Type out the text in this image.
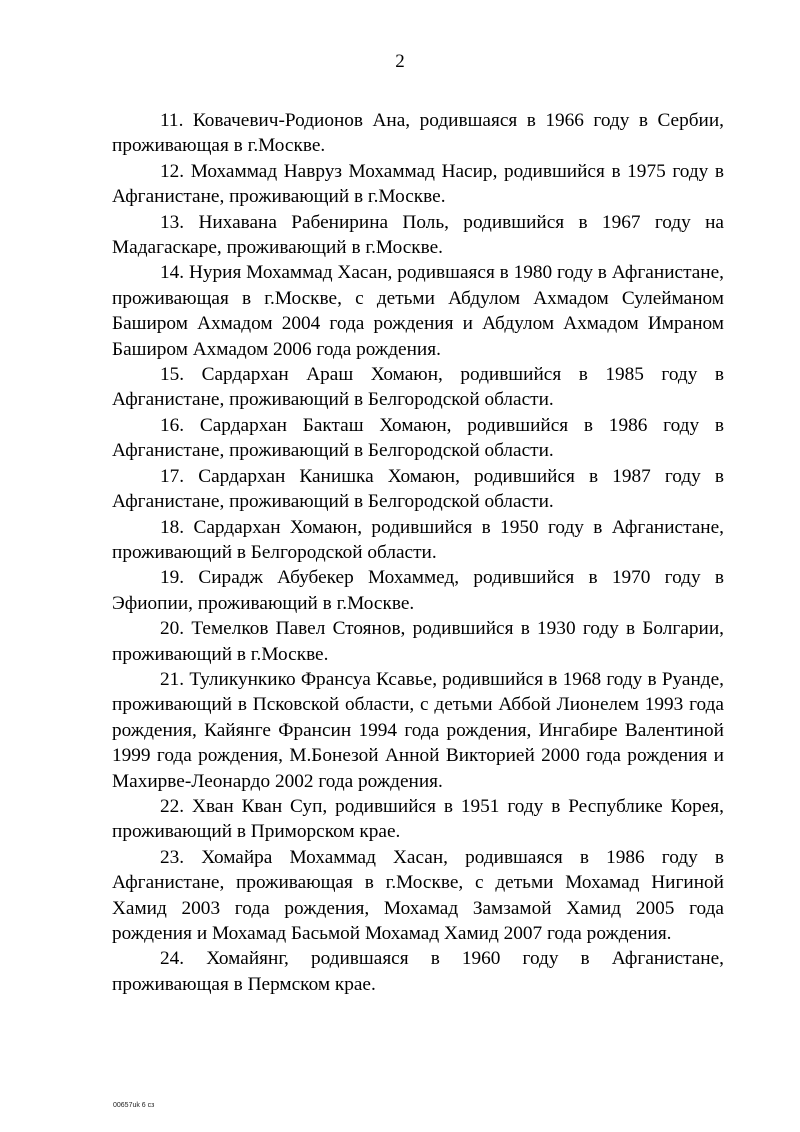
2

11. Ковачевич-Родионов Ана, родившаяся в 1966 году в Сербии, проживающая в г.Москве.

12. Мохаммад Навруз Мохаммад Насир, родившийся в 1975 году в Афганистане, проживающий в г.Москве.

13. Нихавана Рабенирина Поль, родившийся в 1967 году на Мадагаскаре, проживающий в г.Москве.

14. Нурия Мохаммад Хасан, родившаяся в 1980 году в Афганистане, проживающая в г.Москве, с детьми Абдулом Ахмадом Сулейманом Баширом Ахмадом 2004 года рождения и Абдулом Ахмадом Имраном Баширом Ахмадом 2006 года рождения.

15. Сардархан Араш Хомаюн, родившийся в 1985 году в Афганистане, проживающий в Белгородской области.

16. Сардархан Бакташ Хомаюн, родившийся в 1986 году в Афганистане, проживающий в Белгородской области.

17. Сардархан Канишка Хомаюн, родившийся в 1987 году в Афганистане, проживающий в Белгородской области.

18. Сардархан Хомаюн, родившийся в 1950 году в Афганистане, проживающий в Белгородской области.

19. Сирадж Абубекер Мохаммед, родившийся в 1970 году в Эфиопии, проживающий в г.Москве.

20. Темелков Павел Стоянов, родившийся в 1930 году в Болгарии, проживающий в г.Москве.

21. Туликункико Франсуа Ксавье, родившийся в 1968 году в Руанде, проживающий в Псковской области, с детьми Аббой Лионелем 1993 года рождения, Кайянге Франсин 1994 года рождения, Ингабире Валентиной 1999 года рождения, М.Бонезой Анной Викторией 2000 года рождения и Махирве-Леонардо 2002 года рождения.

22. Хван Кван Суп, родившийся в 1951 году в Республике Корея, проживающий в Приморском крае.

23. Хомайра Мохаммад Хасан, родившаяся в 1986 году в Афганистане, проживающая в г.Москве, с детьми Мохамад Нигиной Хамид 2003 года рождения, Мохамад Замзамой Хамид 2005 года рождения и Мохамад Басьмой Мохамад Хамид 2007 года рождения.

24. Хомайянг, родившаяся в 1960 году в Афганистане, проживающая в Пермском крае.

00657uk 6 сз
